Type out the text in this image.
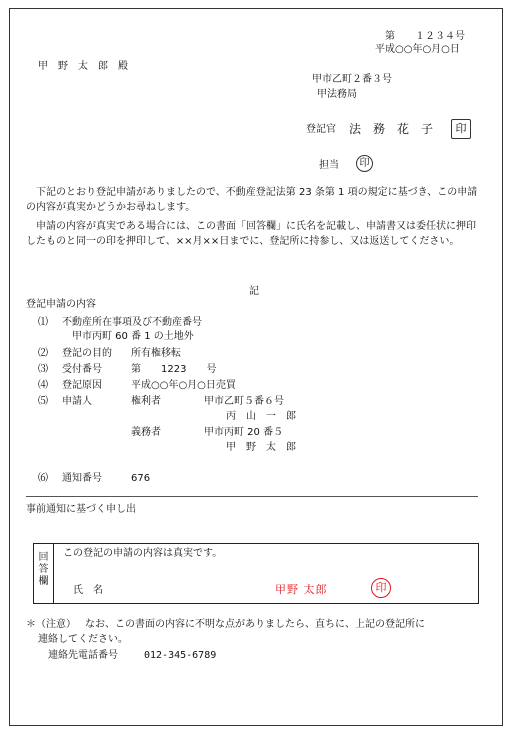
第　　１２３４号
平成○○年○月○日
甲　野　太　郎　殿
甲市乙町２番３号
甲法務局
登記官 法　務　花　子	印
担当	印
下記のとおり登記申請がありましたので、不動産登記法第 23 条第 1 項の規定に基づき、この申請の内容が真実かどうかお尋ねします。
申請の内容が真実である場合には、この書面「回答欄」に氏名を記載し、申請書又は委任状に押印したものと同一の印を押印して、××月××日までに、登記所に持参し、又は返送してください。
記
登記申請の内容
⑴ 不動産所在事項及び不動産番号
甲市丙町 60 番 1 の土地外
⑵ 登記の目的 所有権移転
⑶ 受付番号	第　　1223　　号
⑷ 登記原因	平成○○年○月○日売買
⑸ 申請人	権利者	甲市乙町５番６号
丙　山　一　郎
義務者	甲市丙町 20 番５
甲　野　太　郎
⑹ 通知番号	676
事前通知に基づく申し出
回答欄
この登記の申請の内容は真実です。
氏　名	甲野 太郎	印
＊（注意） なお、この書面の内容に不明な点がありましたら、直ちに、上記の登記所に
連絡してください。
連絡先電話番号	012-345-6789
